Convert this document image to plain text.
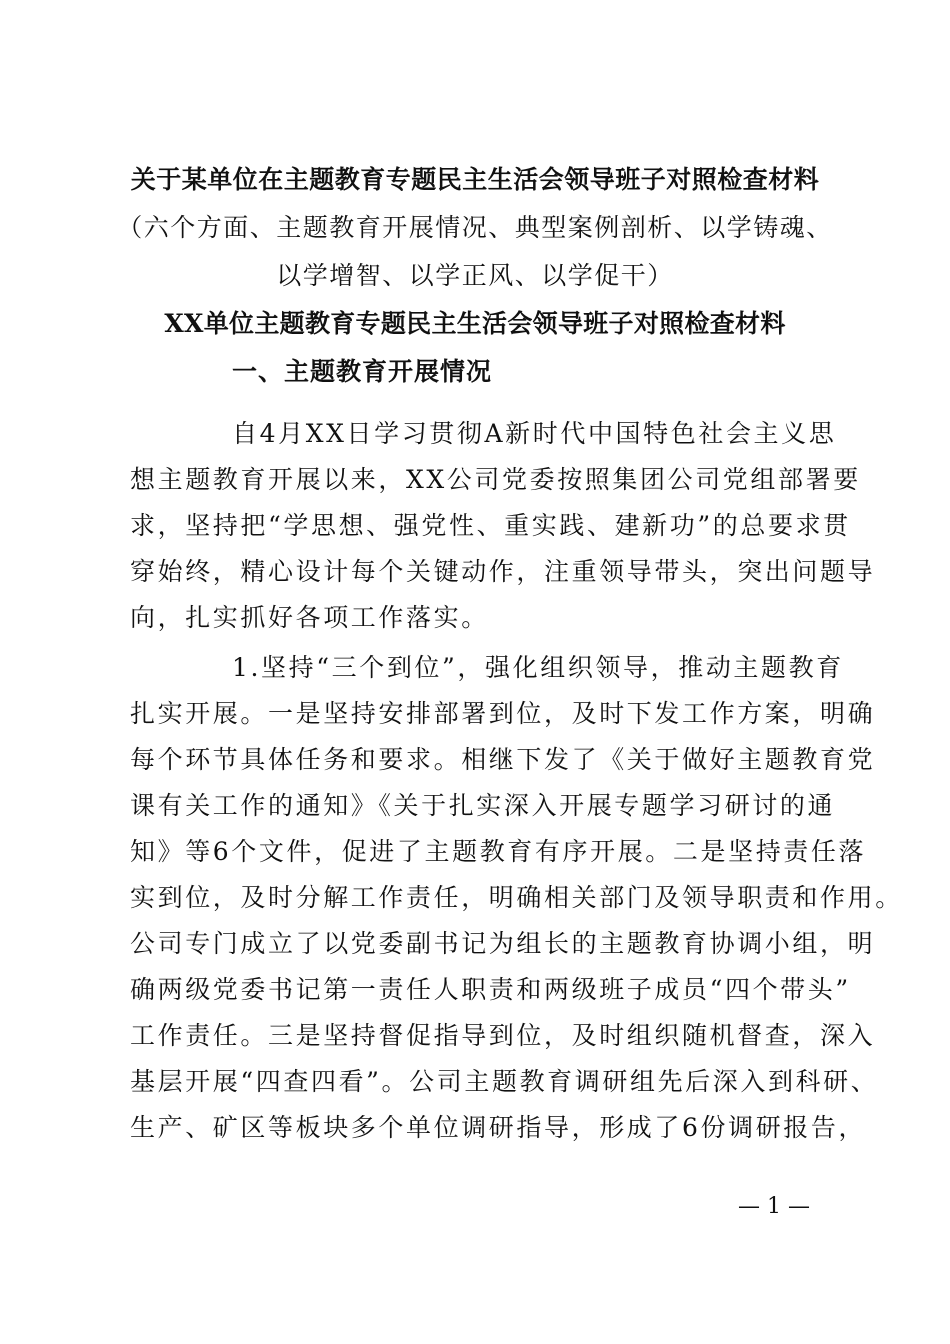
关于某单位在主题教育专题民主生活会领导班子对照检查材料
（六个方面、主题教育开展情况、典型案例剖析、以学铸魂、
以学增智、以学正风、以学促干）
XX单位主题教育专题民主生活会领导班子对照检查材料
一、主题教育开展情况
自4月XX日学习贯彻A新时代中国特色社会主义思
想主题教育开展以来，XX公司党委按照集团公司党组部署要
求，坚持把“学思想、强党性、重实践、建新功”的总要求贯
穿始终，精心设计每个关键动作，注重领导带头，突出问题导
向，扎实抓好各项工作落实。
1.坚持“三个到位”，强化组织领导，推动主题教育
扎实开展。一是坚持安排部署到位，及时下发工作方案，明确
每个环节具体任务和要求。相继下发了《关于做好主题教育党
课有关工作的通知》《关于扎实深入开展专题学习研讨的通
知》等6个文件，促进了主题教育有序开展。二是坚持责任落
实到位，及时分解工作责任，明确相关部门及领导职责和作用。
公司专门成立了以党委副书记为组长的主题教育协调小组，明
确两级党委书记第一责任人职责和两级班子成员“四个带头”
工作责任。三是坚持督促指导到位，及时组织随机督查，深入
基层开展“四查四看”。公司主题教育调研组先后深入到科研、
生产、矿区等板块多个单位调研指导，形成了6份调研报告，
— 1 —
